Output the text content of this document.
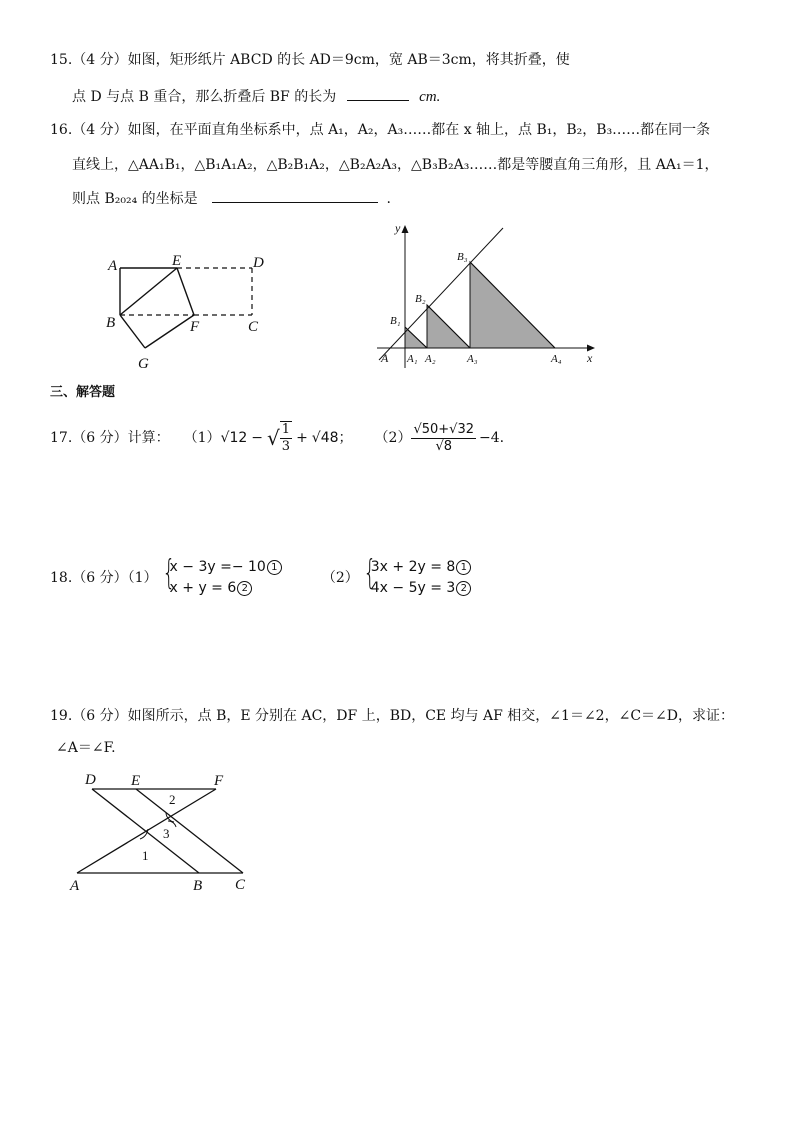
15.（4 分）如图，矩形纸片 ABCD 的长 AD＝9cm，宽 AB＝3cm，将其折叠，使
点 D 与点 B 重合，那么折叠后 BF 的长为	cm.
16.（4 分）如图，在平面直角坐标系中，点 A₁，A₂，A₃……都在 x 轴上，点 B₁，B₂，B₃……都在同一条
直线上，△AA₁B₁，△B₁A₁A₂，△B₂B₁A₂，△B₂A₂A₃，△B₃B₂A₃……都是等腰直角三角形，且 AA₁＝1，
则点 B₂₀₂₄ 的坐标是	.
A	E	D
B	F	C
G
y
x
A A₁ A₂	A₃	A₄
B₁
B₂
B₃
三、解答题
17.（6 分）计算： （1） √12 − √ $\frac{1}{3} + √48$ ； $(2) \frac{√50+√32}{√8} -4$.
18.（6 分）（1） {
x − 3y =− 10 1
x + y = 6 2
（2） {
3x + 2y = 8 1
4x − 5y = 3 2
19.（6 分）如图所示，点 B，E 分别在 AC，DF 上，BD，CE 均与 AF 相交，∠1＝∠2，∠C＝∠D，求证：
∠A＝∠F.
D E	F
A	B C
1
2
3
